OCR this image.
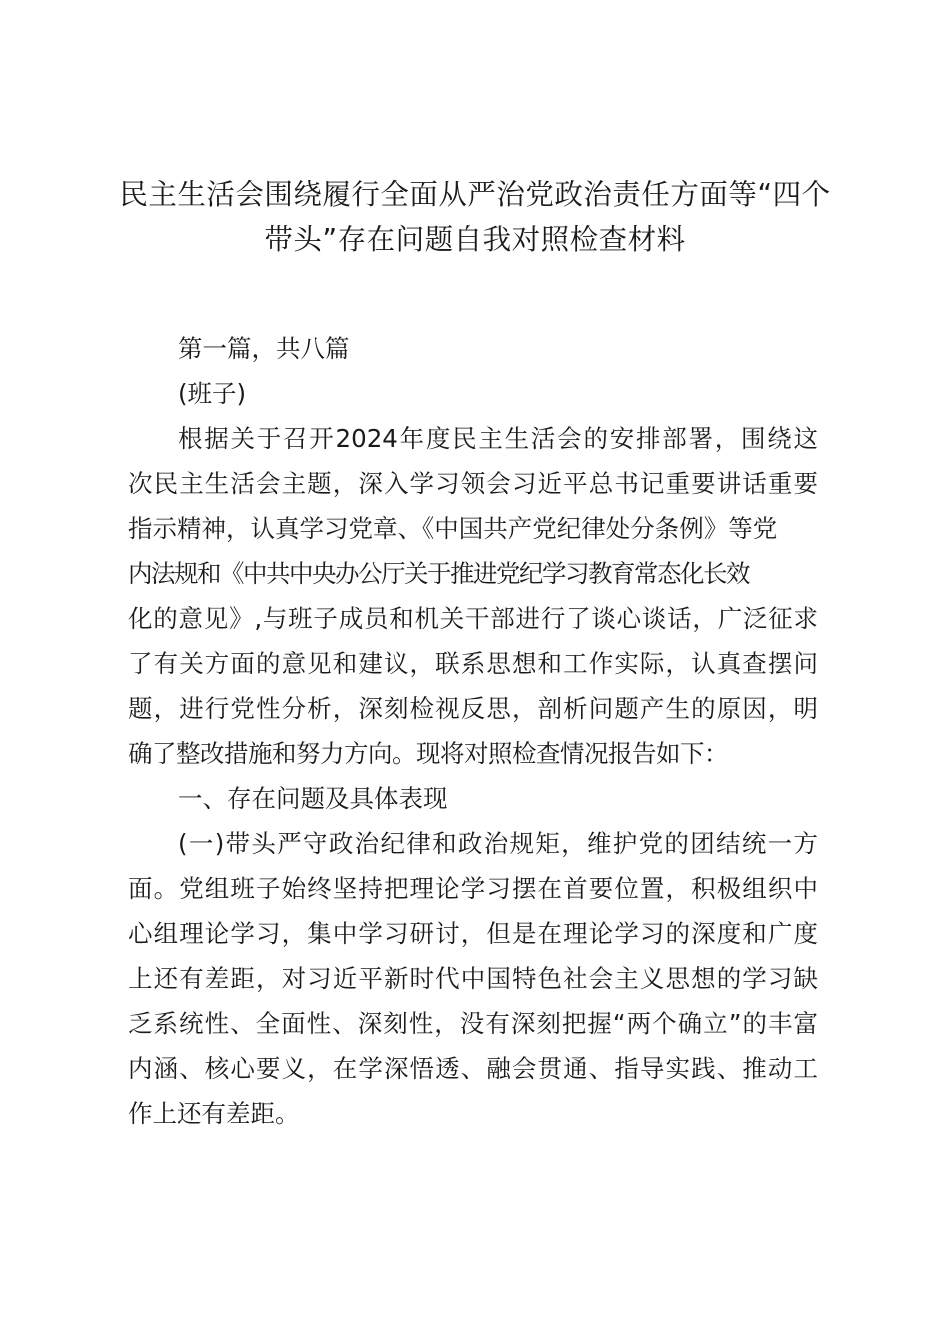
民主生活会围绕履行全面从严治党政治责任方面等“四个
带头”存在问题自我对照检查材料
第一篇，共八篇
(班子)
根据关于召开2024年度民主生活会的安排部署，围绕这
次民主生活会主题，深入学习领会习近平总书记重要讲话重要
指示精神，认真学习党章、《中国共产党纪律处分条例》等党
内法规和《中共中央办公厅关于推进党纪学习教育常态化长效
化的意见》,与班子成员和机关干部进行了谈心谈话，广泛征求
了有关方面的意见和建议，联系思想和工作实际，认真查摆问
题，进行党性分析，深刻检视反思，剖析问题产生的原因，明
确了整改措施和努力方向。现将对照检查情况报告如下：
一、存在问题及具体表现
(一)带头严守政治纪律和政治规矩，维护党的团结统一方
面。党组班子始终坚持把理论学习摆在首要位置，积极组织中
心组理论学习，集中学习研讨，但是在理论学习的深度和广度
上还有差距，对习近平新时代中国特色社会主义思想的学习缺
乏系统性、全面性、深刻性，没有深刻把握“两个确立”的丰富
内涵、核心要义，在学深悟透、融会贯通、指导实践、推动工
作上还有差距。
